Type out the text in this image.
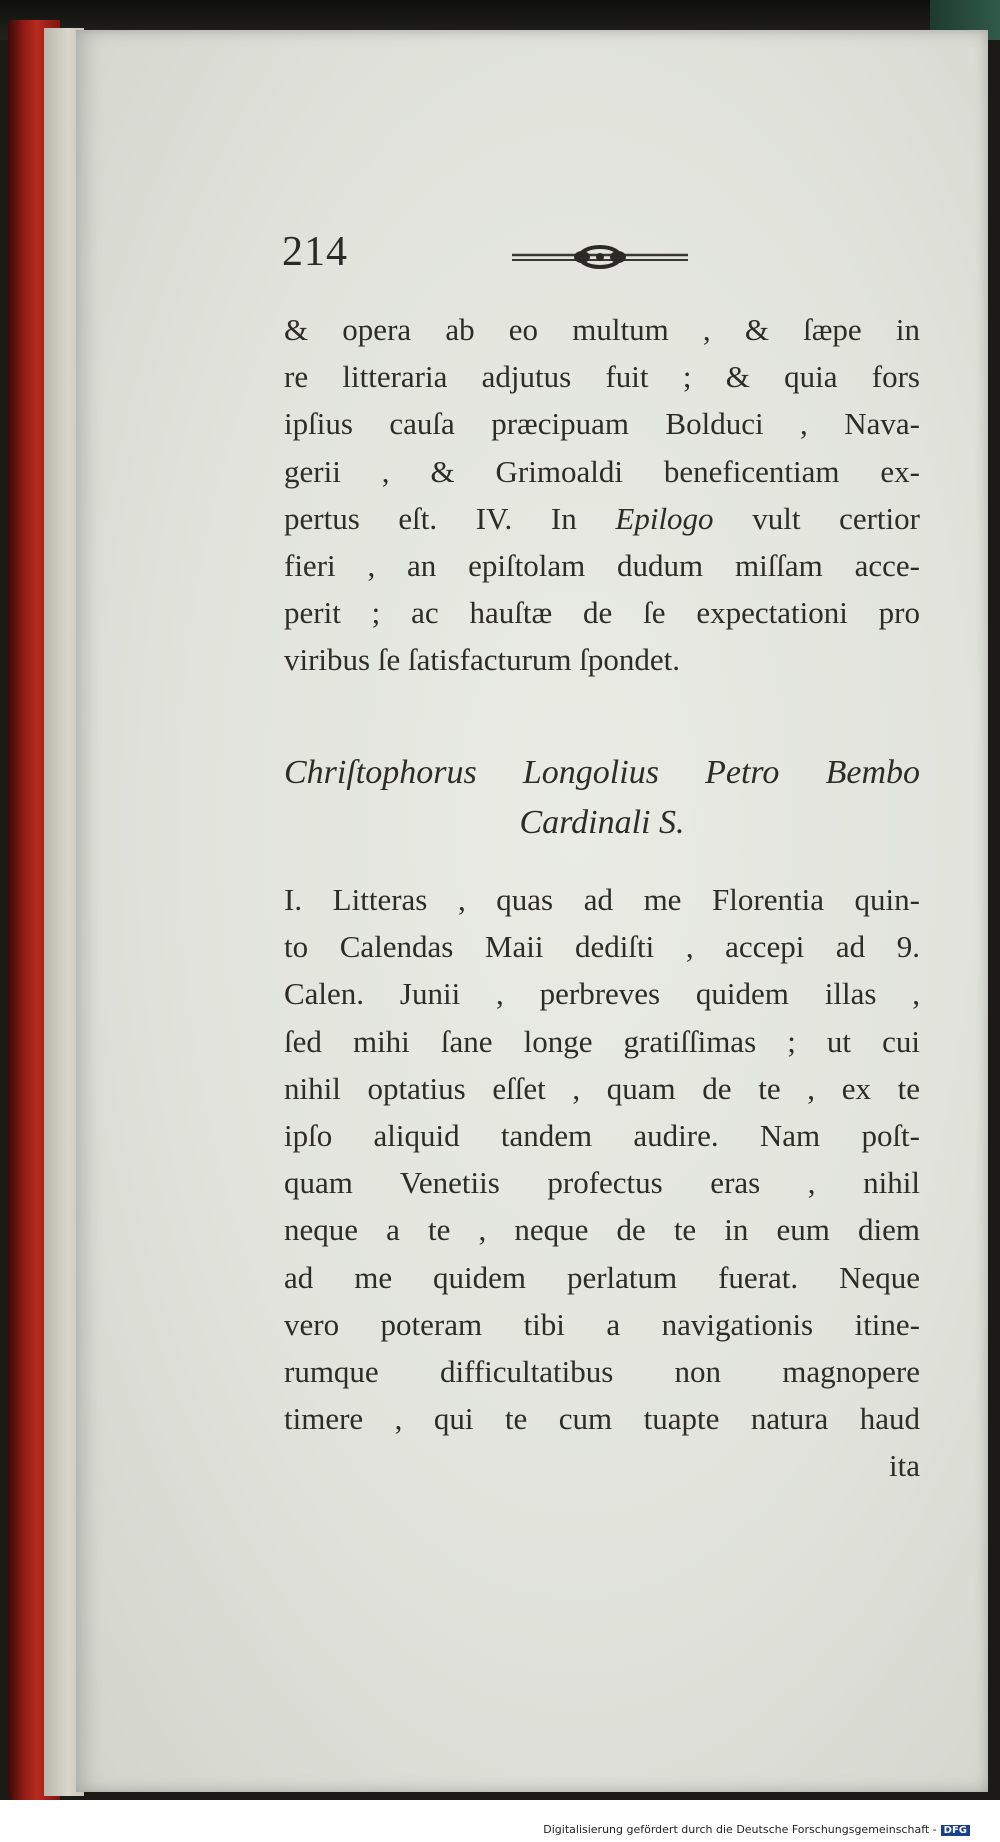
214
& opera ab eo multum , & ſæpe in
re litteraria adjutus fuit ; & quia fors
ipſius cauſa præcipuam Bolduci , Nava-
gerii , & Grimoaldi beneficentiam ex-
pertus eſt. IV. In Epilogo vult certior
fieri , an epiſtolam dudum miſſam acce-
perit ; ac hauſtæ de ſe expectationi pro
viribus ſe ſatisfacturum ſpondet.
Chriſtophorus Longolius Petro Bembo
Cardinali S.
I. Litteras , quas ad me Florentia quin-
to Calendas Maii dediſti , accepi ad 9.
Calen. Junii , perbreves quidem illas ,
ſed mihi ſane longe gratiſſimas ; ut cui
nihil optatius eſſet , quam de te , ex te
ipſo aliquid tandem audire. Nam poſt-
quam Venetiis profectus eras , nihil
neque a te , neque de te in eum diem
ad me quidem perlatum fuerat. Neque
vero poteram tibi a navigationis itine-
rumque difficultatibus non magnopere
timere , qui te cum tuapte natura haud
ita
Digitalisierung gefördert durch die Deutsche Forschungsgemeinschaft - DFG
